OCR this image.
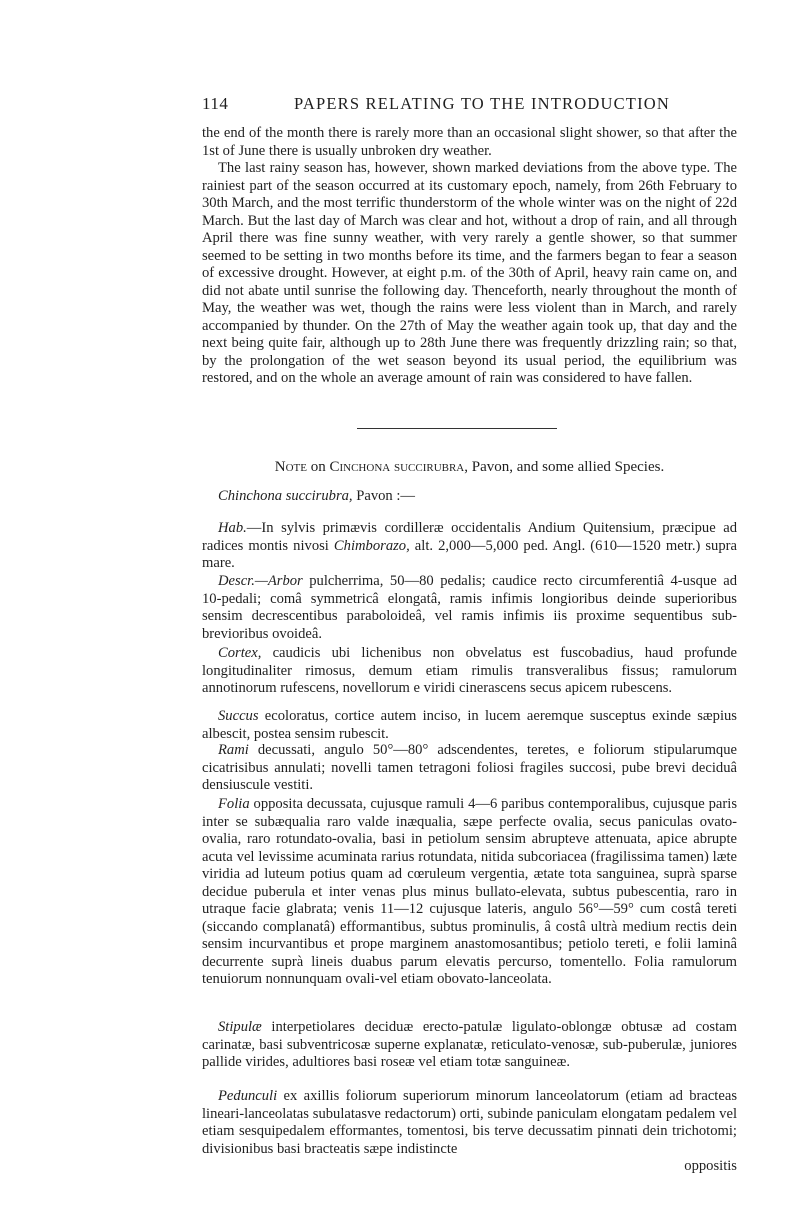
114	PAPERS RELATING TO THE INTRODUCTION

the end of the month there is rarely more than an occasional slight shower, so that after the 1st of June there is usually unbroken dry weather.

The last rainy season has, however, shown marked deviations from the above type. The rainiest part of the season occurred at its customary epoch, namely, from 26th February to 30th March, and the most terrific thunderstorm of the whole winter was on the night of 22d March. But the last day of March was clear and hot, without a drop of rain, and all through April there was fine sunny weather, with very rarely a gentle shower, so that summer seemed to be setting in two months before its time, and the farmers began to fear a season of excessive drought. However, at eight p.m. of the 30th of April, heavy rain came on, and did not abate until sunrise the following day. Thenceforth, nearly throughout the month of May, the weather was wet, though the rains were less violent than in March, and rarely accompanied by thunder. On the 27th of May the weather again took up, that day and the next being quite fair, although up to 28th June there was frequently drizzling rain; so that, by the prolongation of the wet season beyond its usual period, the equilibrium was restored, and on the whole an average amount of rain was considered to have fallen.

Note on Cinchona succirubra, Pavon, and some allied Species.

Chinchona succirubra, Pavon :—

Hab.—In sylvis primævis cordilleræ occidentalis Andium Quitensium, præcipue ad radices montis nivosi Chimborazo, alt. 2,000—5,000 ped. Angl. (610—1520 metr.) supra mare.

Descr.—Arbor pulcherrima, 50—80 pedalis; caudice recto circumferentiâ 4-usque ad 10-pedali; comâ symmetricâ elongatâ, ramis infimis longioribus deinde superioribus sensim decrescentibus paraboloideâ, vel ramis infimis iis proxime sequentibus sub-brevioribus ovoideâ.

Cortex, caudicis ubi lichenibus non obvelatus est fuscobadius, haud profunde longitudinaliter rimosus, demum etiam rimulis transveralibus fissus; ramulorum annotinorum rufescens, novellorum e viridi cinerascens secus apicem rubescens.

Succus ecoloratus, cortice autem inciso, in lucem aeremque susceptus exinde sæpius albescit, postea sensim rubescit.

Rami decussati, angulo 50°—80° adscendentes, teretes, e foliorum stipularumque cicatrisibus annulati; novelli tamen tetragoni foliosi fragiles succosi, pube brevi deciduâ densiuscule vestiti.

Folia opposita decussata, cujusque ramuli 4—6 paribus contemporalibus, cujusque paris inter se subæqualia raro valde inæqualia, sæpe perfecte ovalia, secus paniculas ovato-ovalia, raro rotundato-ovalia, basi in petiolum sensim abrupteve attenuata, apice abrupte acuta vel levissime acuminata rarius rotundata, nitida subcoriacea (fragilissima tamen) læte viridia ad luteum potius quam ad cœruleum vergentia, ætate tota sanguinea, suprà sparse decidue puberula et inter venas plus minus bullato-elevata, subtus pubescentia, raro in utraque facie glabrata; venis 11—12 cujusque lateris, angulo 56°—59° cum costâ tereti (siccando complanatâ) efformantibus, subtus prominulis, â costâ ultrà medium rectis dein sensim incurvantibus et prope marginem anastomosantibus; petiolo tereti, e folii laminâ decurrente suprà lineis duabus parum elevatis percurso, tomentello. Folia ramulorum tenuiorum nonnunquam ovali-vel etiam obovato-lanceolata.

Stipulæ interpetiolares deciduæ erecto-patulæ ligulato-oblongæ obtusæ ad costam carinatæ, basi subventricosæ superne explanatæ, reticulato-venosæ, sub-puberulæ, juniores pallide virides, adultiores basi roseæ vel etiam totæ sanguineæ.

Pedunculi ex axillis foliorum superiorum minorum lanceolatorum (etiam ad bracteas lineari-lanceolatas subulatasve redactorum) orti, subinde paniculam elongatam pedalem vel etiam sesquipedalem efformantes, tomentosi, bis terve decussatim pinnati dein trichotomi; divisionibus basi bracteatis sæpe indistincte

oppositis
